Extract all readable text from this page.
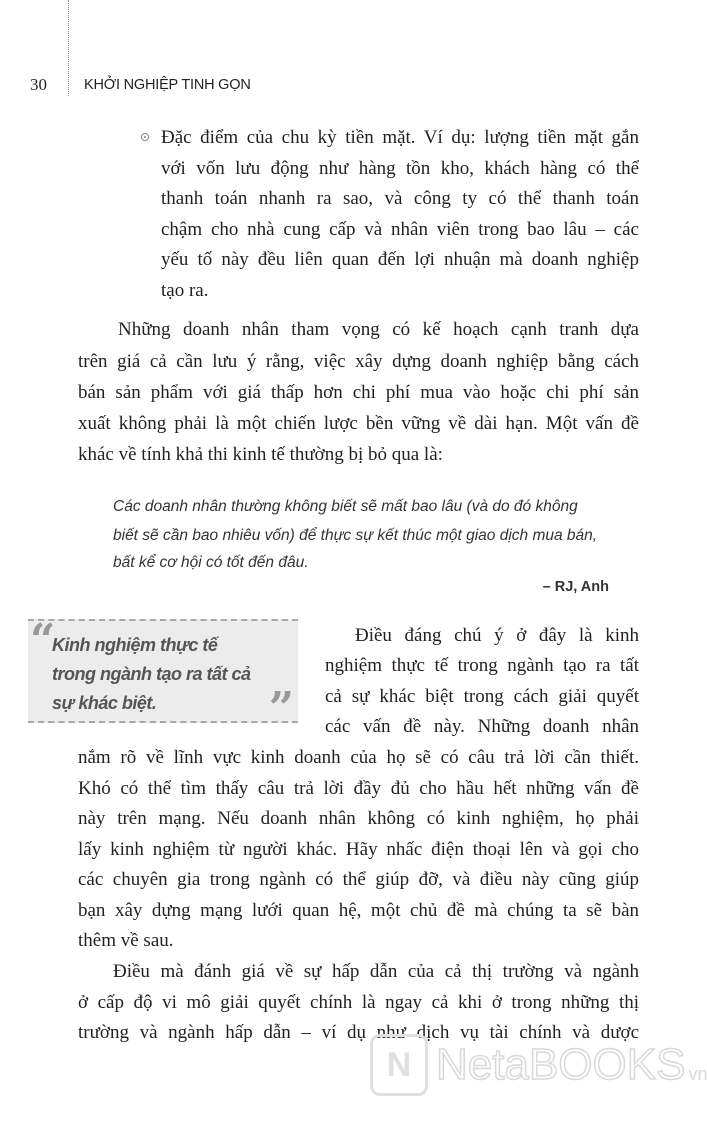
30	KHỞI NGHIỆP TINH GỌN
Đặc điểm của chu kỳ tiền mặt. Ví dụ: lượng tiền mặt gắn
với vốn lưu động như hàng tồn kho, khách hàng có thể
thanh toán nhanh ra sao, và công ty có thể thanh toán
chậm cho nhà cung cấp và nhân viên trong bao lâu – các
yếu tố này đều liên quan đến lợi nhuận mà doanh nghiệp
tạo ra.
Những doanh nhân tham vọng có kế hoạch cạnh tranh dựa
trên giá cả cần lưu ý rằng, việc xây dựng doanh nghiệp bằng cách
bán sản phẩm với giá thấp hơn chi phí mua vào hoặc chi phí sản
xuất không phải là một chiến lược bền vững về dài hạn. Một vấn đề
khác về tính khả thi kinh tế thường bị bỏ qua là:
Các doanh nhân thường không biết sẽ mất bao lâu (và do đó không
biết sẽ cần bao nhiêu vốn) để thực sự kết thúc một giao dịch mua bán,
bất kể cơ hội có tốt đến đâu.
– RJ, Anh
“
Kinh nghiệm thực tế
trong ngành tạo ra tất cả
sự khác biệt.	”
Điều đáng chú ý ở đây là kinh
nghiệm thực tế trong ngành tạo ra tất
cả sự khác biệt trong cách giải quyết
các vấn đề này. Những doanh nhân
nắm rõ về lĩnh vực kinh doanh của họ sẽ có câu trả lời cần thiết.
Khó có thể tìm thấy câu trả lời đầy đủ cho hầu hết những vấn đề
này trên mạng. Nếu doanh nhân không có kinh nghiệm, họ phải
lấy kinh nghiệm từ người khác. Hãy nhấc điện thoại lên và gọi cho
các chuyên gia trong ngành có thể giúp đỡ, và điều này cũng giúp
bạn xây dựng mạng lưới quan hệ, một chủ đề mà chúng ta sẽ bàn
thêm về sau.
Điều mà đánh giá về sự hấp dẫn của cả thị trường và ngành
ở cấp độ vi mô giải quyết chính là ngay cả khi ở trong những thị
trường và ngành hấp dẫn – ví dụ như dịch vụ tài chính và dược
N NetaBOOKS vn
